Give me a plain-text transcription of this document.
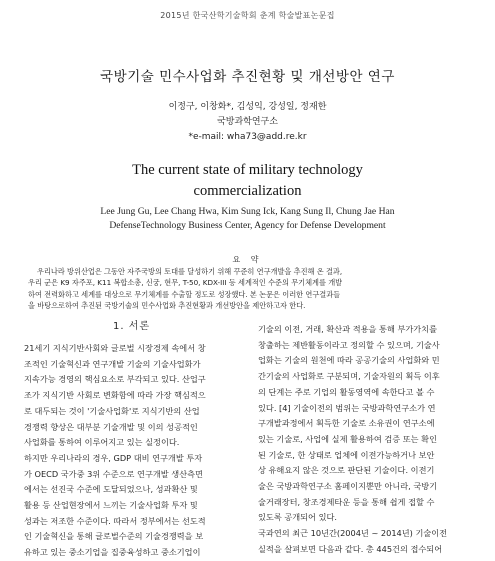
2015년 한국산학기술학회 춘계 학술발표논문집
국방기술 민수사업화 추진현황 및 개선방안 연구
이정구, 이창화*, 김성익, 강성일, 정재한
국방과학연구소
*e-mail: wha73@add.re.kr
The current state of military technology
commercialization
Lee Jung Gu, Lee Chang Hwa, Kim Sung Ick, Kang Sung Il, Chung Jae Han
DefenseTechnology Business Center, Agency for Defense Development
요 약
우리나라 방위산업은 그동안 자주국방의 토대를 달성하기 위해 꾸준히 연구개발을 추진해 온 결과,
우리 군은 K9 자주포, K11 복합소총, 신궁, 현무, T-50, KDX-III 등 세계적인 수준의 무기체계를 개발
하여 전력화하고 세계를 대상으로 무기체계를 수출할 정도로 성장했다. 본 논문은 이러한 연구결과들
을 바탕으로하여 추진된 국방기술의 민수사업화 추진현황과 개선방안을 제안하고자 한다.
1. 서론
21세기 지식기반사회와 글로벌 시장경제 속에서 창
조적인 기술혁신과 연구개발 기술의 기술사업화가
지속가능 경영의 핵심요소로 부각되고 있다. 산업구
조가 지식기반 사회로 변화함에 따라 가장 핵심적으
로 대두되는 것이 '기술사업화'로 지식기반의 산업
경쟁력 향상은 대부분 기술개발 및 이의 성공적인
사업화를 통하여 이루어지고 있는 실정이다.
하지만 우리나라의 경우, GDP 대비 연구개발 투자
가 OECD 국가중 3위 수준으로 연구개발 생산측면
에서는 선진국 수준에 도달되었으나, 성과확산 및
활용 등 산업현장에서 느끼는 기술사업화 투자 및
성과는 저조한 수준이다. 따라서 정부에서는 선도적
인 기술혁신을 통해 글로벌수준의 기술경쟁력을 보
유하고 있는 중소기업을 집중육성하고 중소기업이
기술의 이전, 거래, 확산과 적용을 통해 부가가치를
창출하는 제반활동이라고 정의할 수 있으며, 기술사
업화는 기술의 원천에 따라 공공기술의 사업화와 민
간기술의 사업화로 구분되며, 기술자원의 획득 이후
의 단계는 주로 기업의 활동영역에 속한다고 볼 수
있다. [4] 기술이전의 범위는 국방과학연구소가 연
구개발과정에서 획득한 기술로 소유권이 연구소에
있는 기술로, 사업에 실제 활용하여 검증 또는 확인
된 기술로, 한 상태로 업체에 이전가능하거나 보안
상 유해요지 않은 것으로 판단된 기술이다. 이전기
술은 국방과학연구소 홈페이지뿐만 아니라, 국방기
술거래장터, 창조경제타운 등을 통해 쉽게 접할 수
있도록 공개되어 있다.
국과연의 최근 10년간(2004년 ~ 2014년) 기술이전
실적을 살펴보면 다음과 같다. 총 445건의 접수되어
